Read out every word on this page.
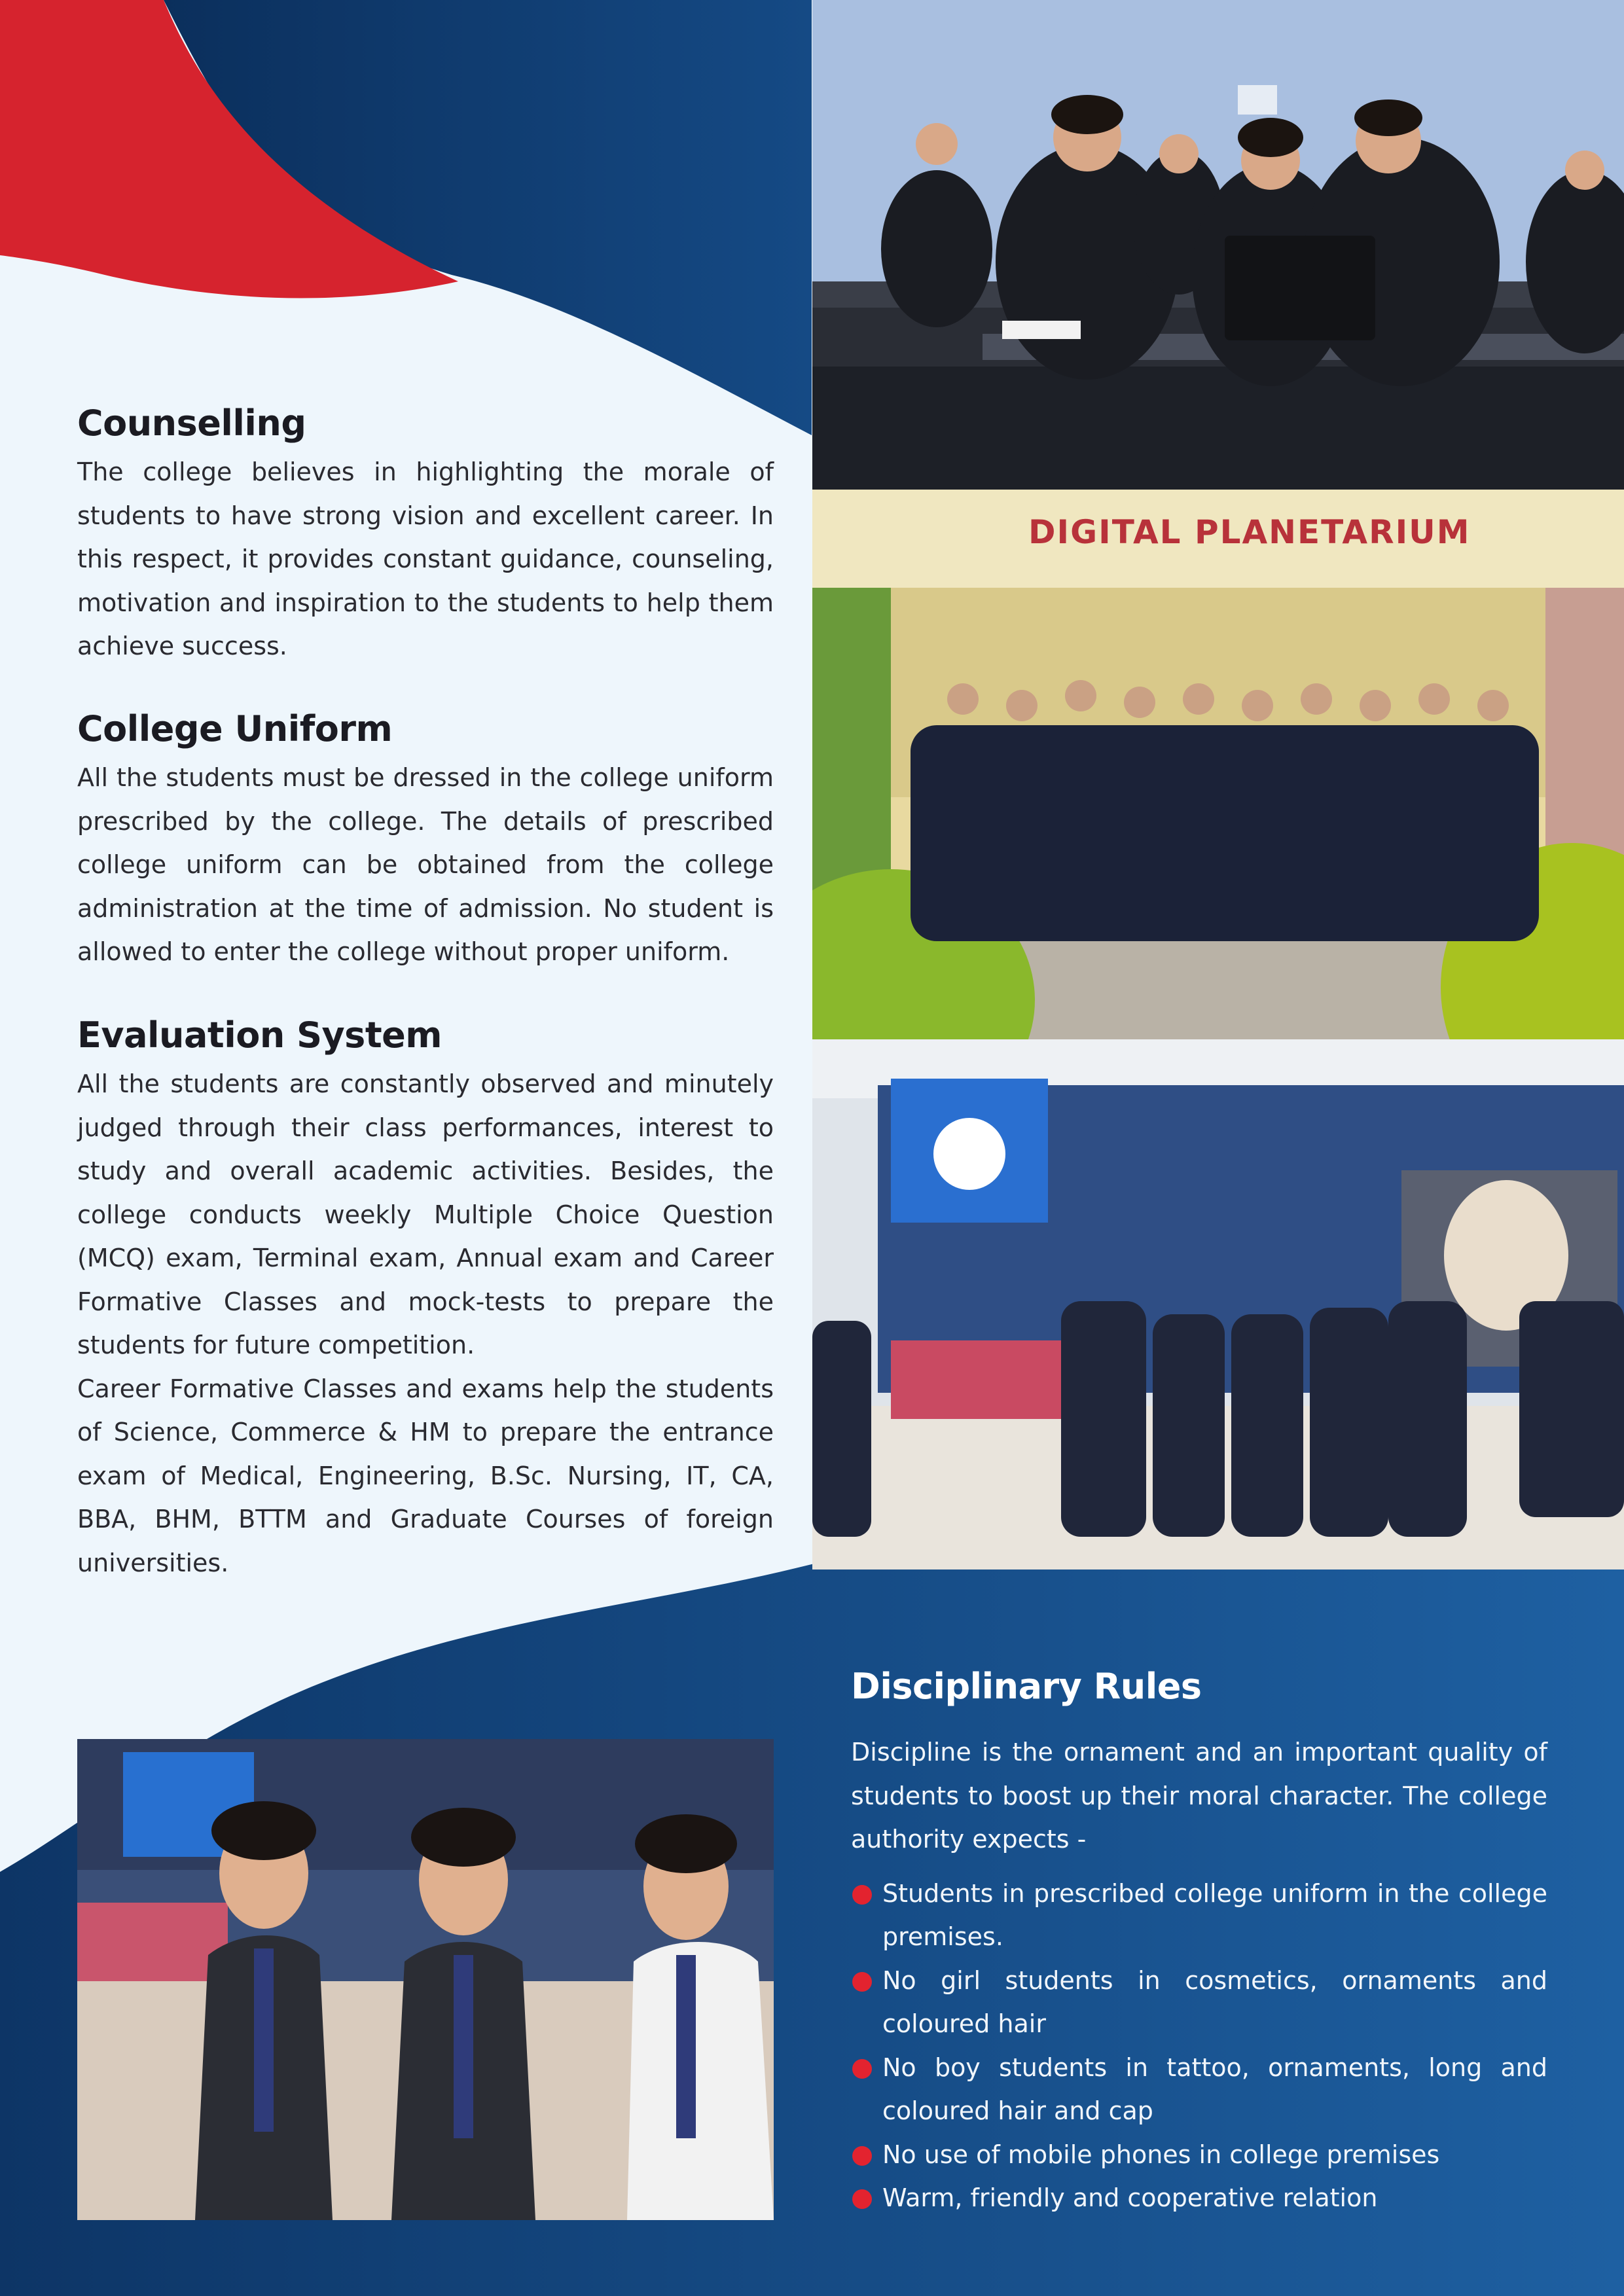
DIGITAL PLANETARIUM
Counselling

The college believes in highlighting the morale of students to have strong vision and excellent career. In this respect, it provides constant guidance, counseling, motivation and inspiration to the students to help them achieve success.

College Uniform

All the students must be dressed in the college uniform prescribed by the college. The details of prescribed college uniform can be obtained from the college administration at the time of admission. No student is allowed to enter the college without proper uniform.

Evaluation System

All the students are constantly observed and minutely judged through their class performances, interest to study and overall academic activities. Besides, the college conducts weekly Multiple Choice Question (MCQ) exam, Terminal exam, Annual exam and Career Formative Classes and mock-tests to prepare the students for future competition.

Career Formative Classes and exams help the students of Science, Commerce & HM to prepare the entrance exam of Medical, Engineering, B.Sc. Nursing, IT, CA, BBA, BHM, BTTM and Graduate Courses of foreign universities.

Disciplinary Rules

Discipline is the ornament and an important quality of students to boost up their moral character. The college authority expects -

Students in prescribed college uniform in the college premises.
No girl students in cosmetics, ornaments and coloured hair
No boy students in tattoo, ornaments, long and coloured hair and cap
No use of mobile phones in college premises
Warm, friendly and cooperative relation
